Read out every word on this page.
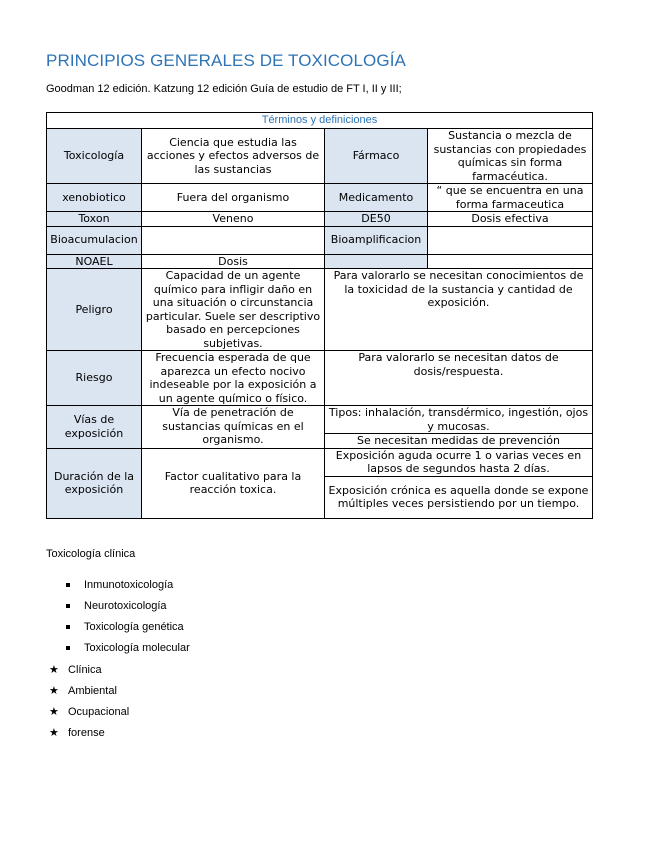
PRINCIPIOS GENERALES DE TOXICOLOGÍA
Goodman 12 edición. Katzung 12 edición Guía de estudio de FT I, II y III;
Términos y definiciones			
Toxicología	Ciencia que estudia las acciones y efectos adversos de las sustancias	Fármaco	Sustancia o mezcla de sustancias con propiedades químicas sin forma farmacéutica.
xenobiotico	Fuera del organismo	Medicamento	“ que se encuentra en una forma farmaceutica
Toxon	Veneno	DE50	Dosis efectiva

Bioacumulacion		Bioamplificacion	

NOAEL	Dosis		
Peligro	Capacidad de un agente químico para infligir daño en una situación o circunstancia particular. Suele ser descriptivo basado en percepciones subjetivas.	Para valorarlo se necesitan conocimientos de la toxicidad de la sustancia y cantidad de exposición.	
Riesgo	Frecuencia esperada de que aparezca un efecto nocivo indeseable por la exposición a un agente químico o físico.	Para valorarlo se necesitan datos de dosis/respuesta.	
Vías de exposición	Vía de penetración de sustancias químicas en el organismo.	Tipos: inhalación, transdérmico, ingestión, ojos y mucosas.	
		Se necesitan medidas de prevención	
Duración de la exposición	Factor cualitativo para la reacción toxica.	Exposición aguda ocurre 1 o varias veces en lapsos de segundos hasta 2 días.	
		Exposición crónica es aquella donde se expone múltiples veces persistiendo por un tiempo.	
Toxicología clínica
Inmunotoxicología
Neurotoxicología
Toxicología genética
Toxicología molecular
★ Clínica
★ Ambiental
★ Ocupacional
★ forense
